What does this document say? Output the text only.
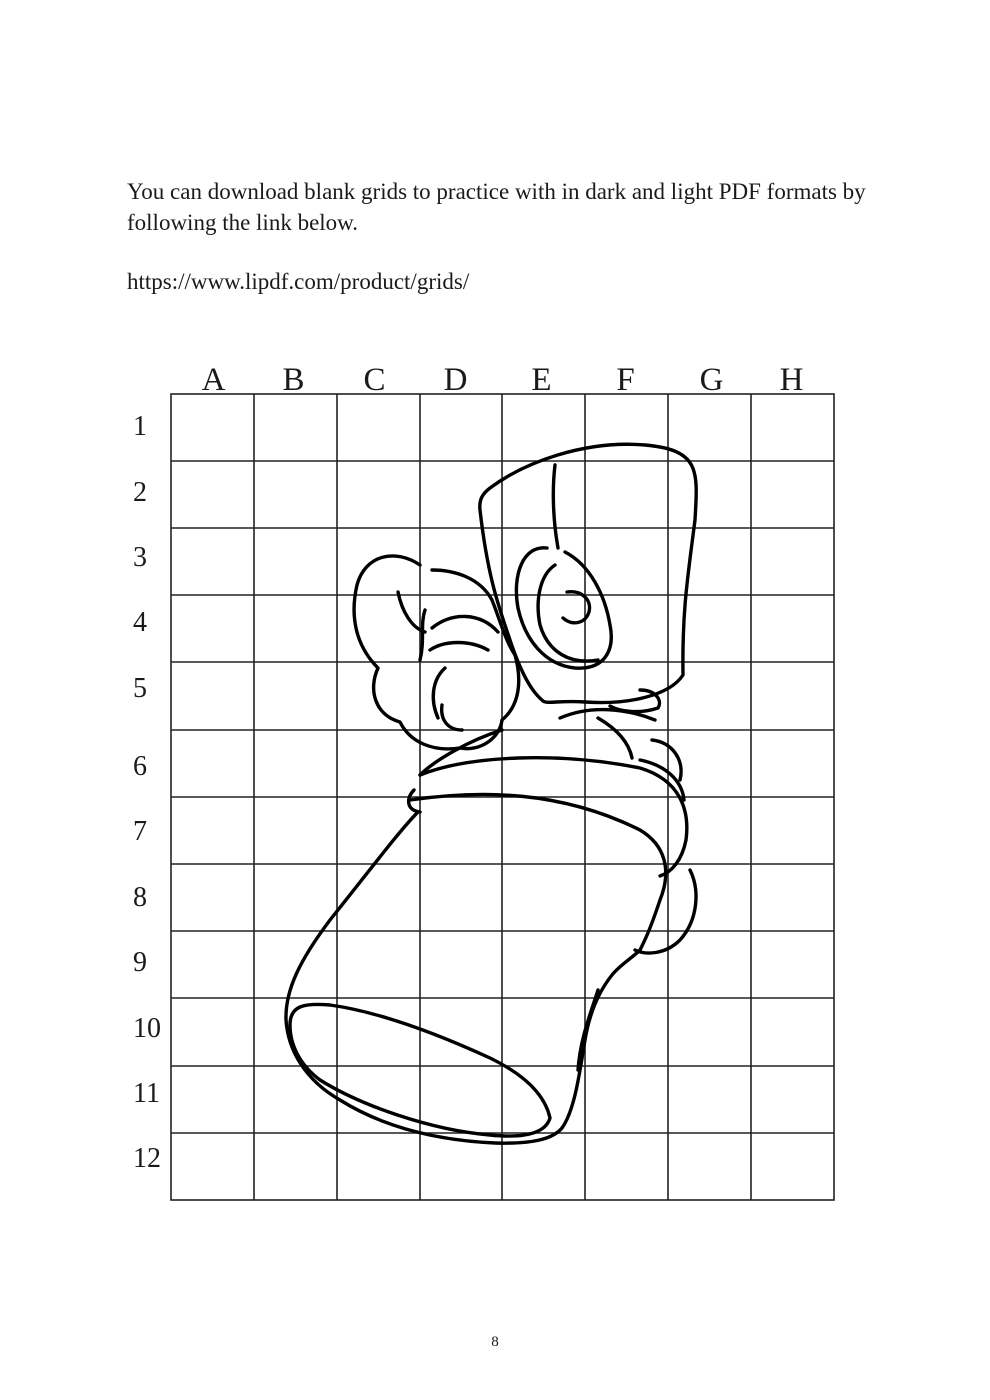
You can download blank grids to practice with in dark and light PDF formats by following the link below.

https://www.lipdf.com/product/grids/

A	B	C	D	E	F	G	H
1
2
3
4
5
6
7
8
9
10
11
12
8
